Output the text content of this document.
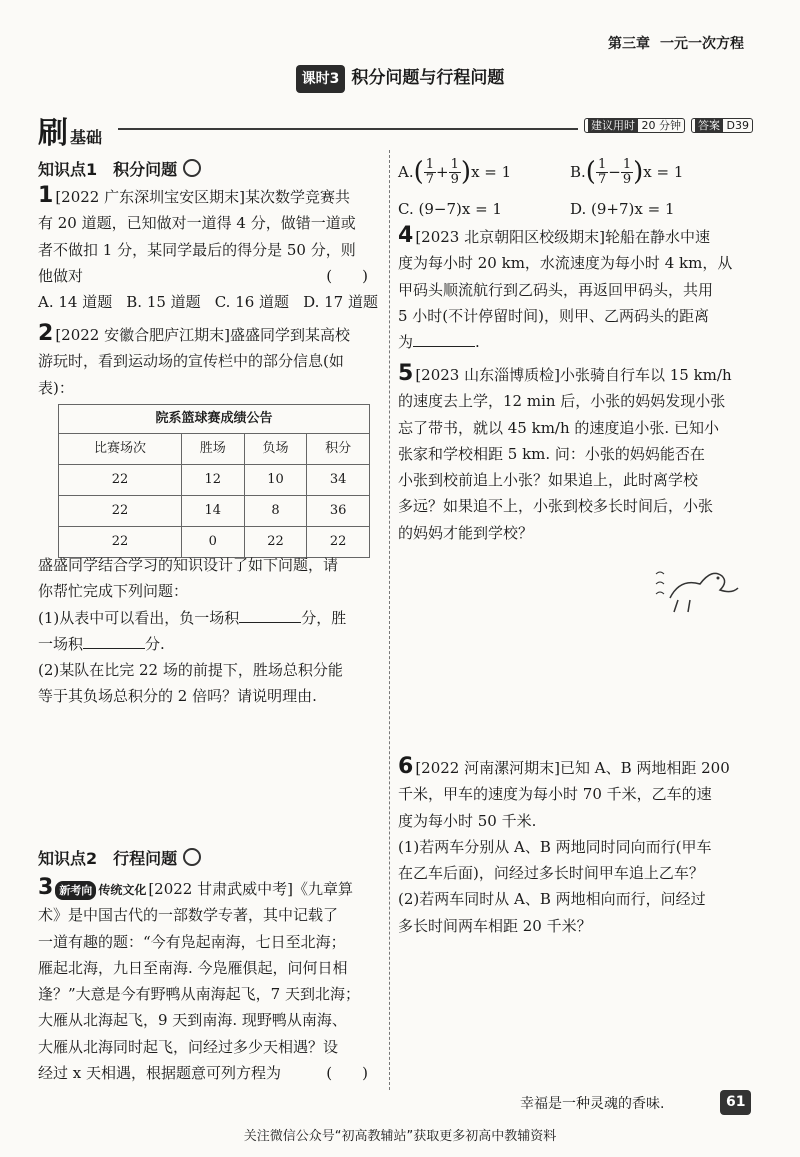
第三章 一元一次方程
课时3 积分问题与行程问题
刷基础
建议用时 20 分钟 答案 D39
知识点1　积分问题
1 [2022 广东深圳宝安区期末]某次数学竞赛共
有 20 道题，已知做对一道得 4 分，做错一道或
者不做扣 1 分，某同学最后的得分是 50 分，则
他做对	(　　)
A. 14 道题 B. 15 道题 C. 16 道题 D. 17 道题
2 [2022 安徽合肥庐江期末]盛盛同学到某高校
游玩时，看到运动场的宣传栏中的部分信息(如
表)：
院系篮球赛成绩公告
比赛场次	胜场	负场	积分
22	12	10	34
22	14	8	36
22	0	22	22
盛盛同学结合学习的知识设计了如下问题，请
你帮忙完成下列问题：
(1)从表中可以看出，负一场积	分，胜
一场积	分.
(2)某队在比完 22 场的前提下，胜场总积分能
等于其负场总积分的 2 倍吗？请说明理由.
知识点2　行程问题
3 新考向 传统文化 [2022 甘肃武威中考]《九章算
术》是中国古代的一部数学专著，其中记载了
一道有趣的题：“今有凫起南海，七日至北海；
雁起北海，九日至南海. 今凫雁俱起，问何日相
逢？”大意是今有野鸭从南海起飞，7 天到北海；
大雁从北海起飞，9 天到南海. 现野鸭从南海、
大雁从北海同时起飞，问经过多少天相遇？设
经过 x 天相遇，根据题意可列方程为	(　　)
$A.( \frac{1}{7} + \frac{1}{9} )x = 1$	$B.( \frac{1}{7} - \frac{1}{9} )x = 1$
C. (9−7)x = 1	D. (9+7)x = 1
4 [2023 北京朝阳区校级期末]轮船在静水中速
度为每小时 20 km，水流速度为每小时 4 km，从
甲码头顺流航行到乙码头，再返回甲码头，共用
5 小时(不计停留时间)，则甲、乙两码头的距离
为	.
5 [2023 山东淄博质检]小张骑自行车以 15 km/h
的速度去上学，12 min 后，小张的妈妈发现小张
忘了带书，就以 45 km/h 的速度追小张. 已知小
张家和学校相距 5 km. 问：小张的妈妈能否在
小张到校前追上小张？如果追上，此时离学校
多远？如果追不上，小张到校多长时间后，小张
的妈妈才能到学校？
6 [2022 河南漯河期末]已知 A、B 两地相距 200
千米，甲车的速度为每小时 70 千米，乙车的速
度为每小时 50 千米.
(1)若两车分别从 A、B 两地同时同向而行(甲车
在乙车后面)，问经过多长时间甲车追上乙车？
(2)若两车同时从 A、B 两地相向而行，问经过
多长时间两车相距 20 千米？
幸福是一种灵魂的香味.	61
关注微信公众号“初高教辅站”获取更多初高中教辅资料
